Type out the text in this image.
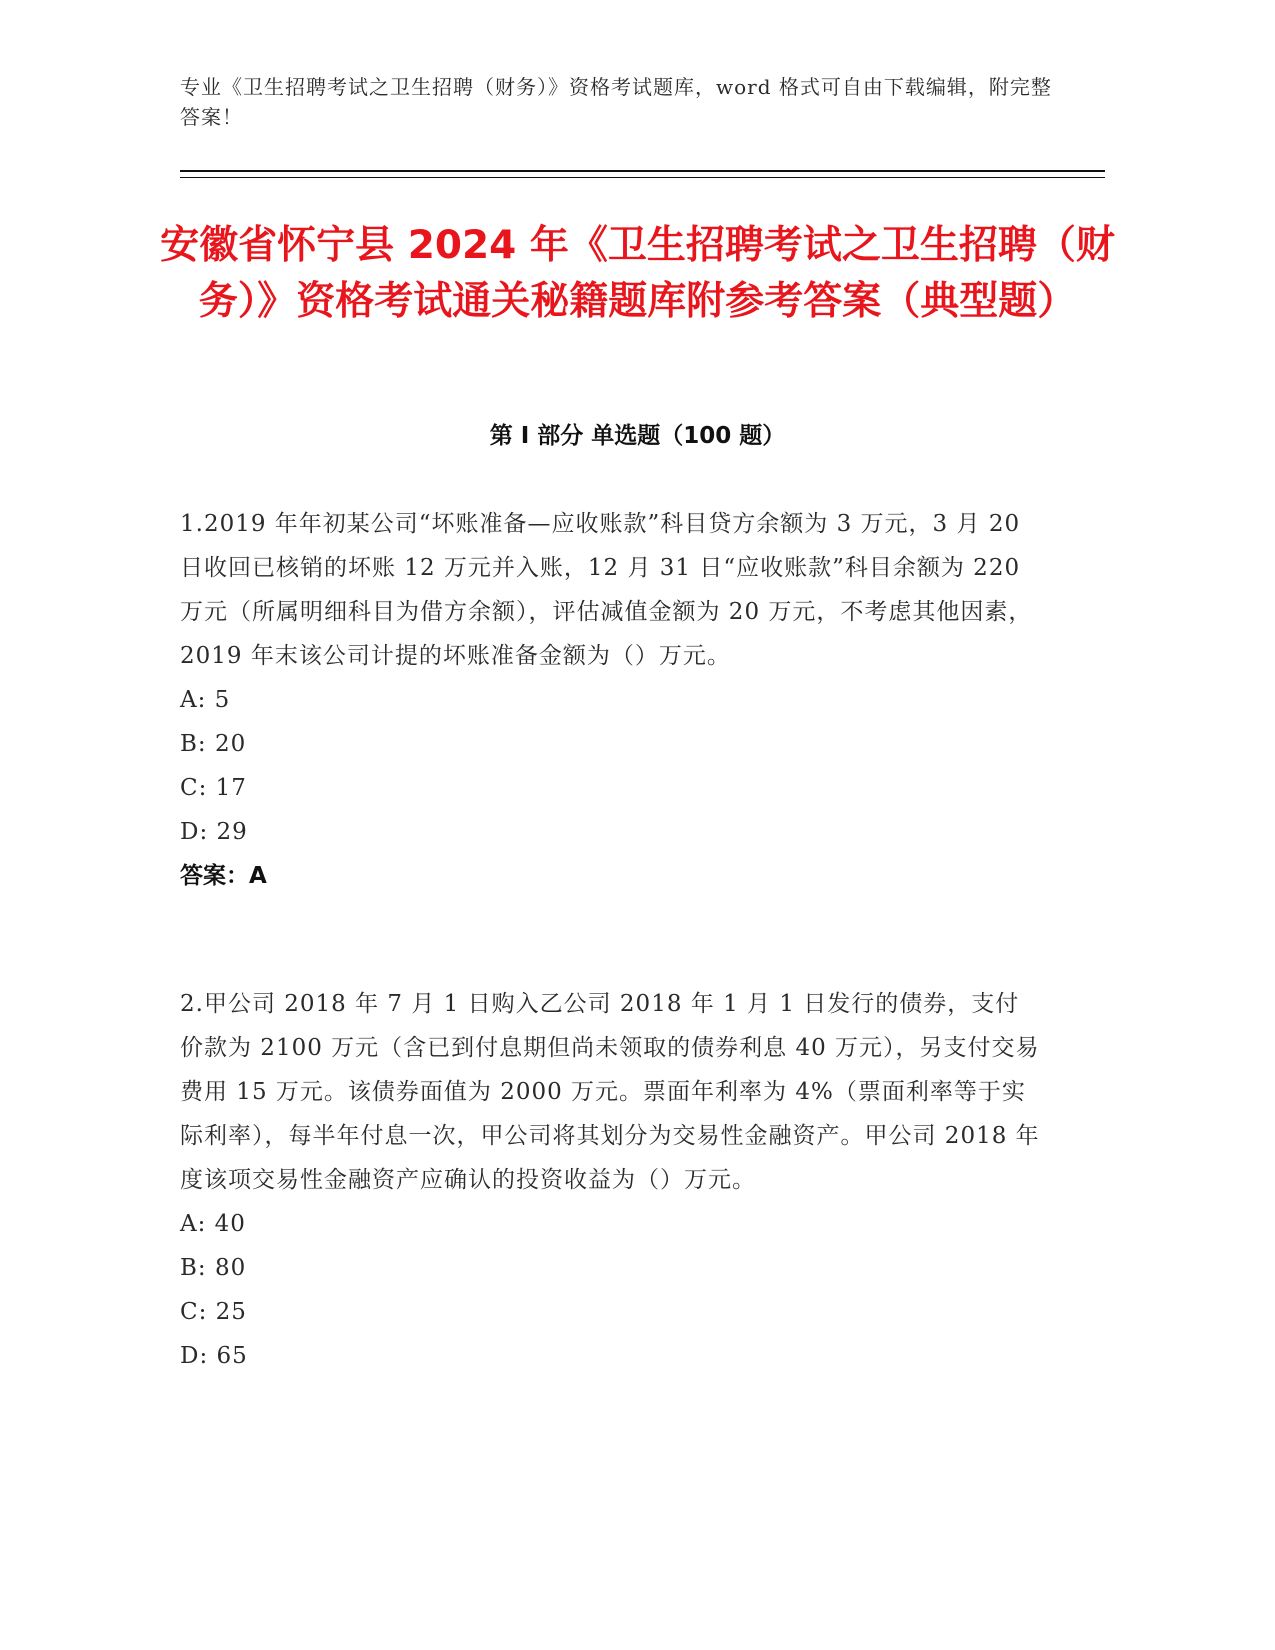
专业《卫生招聘考试之卫生招聘（财务）》资格考试题库，word 格式可自由下载编辑，附完整答案！
安徽省怀宁县 2024 年《卫生招聘考试之卫生招聘（财务）》资格考试通关秘籍题库附参考答案（典型题）
第 I 部分 单选题（100 题）

1.2019 年年初某公司“坏账准备—应收账款”科目贷方余额为 3 万元，3 月 20 日收回已核销的坏账 12 万元并入账，12 月 31 日“应收账款”科目余额为 220 万元（所属明细科目为借方余额），评估减值金额为 20 万元，不考虑其他因素，2019 年末该公司计提的坏账准备金额为（）万元。

A: 5

B: 20

C: 17

D: 29

答案：A

2.甲公司 2018 年 7 月 1 日购入乙公司 2018 年 1 月 1 日发行的债券，支付价款为 2100 万元（含已到付息期但尚未领取的债券利息 40 万元），另支付交易费用 15 万元。该债券面值为 2000 万元。票面年利率为 4%（票面利率等于实际利率），每半年付息一次，甲公司将其划分为交易性金融资产。甲公司 2018 年度该项交易性金融资产应确认的投资收益为（）万元。

A: 40

B: 80

C: 25

D: 65
